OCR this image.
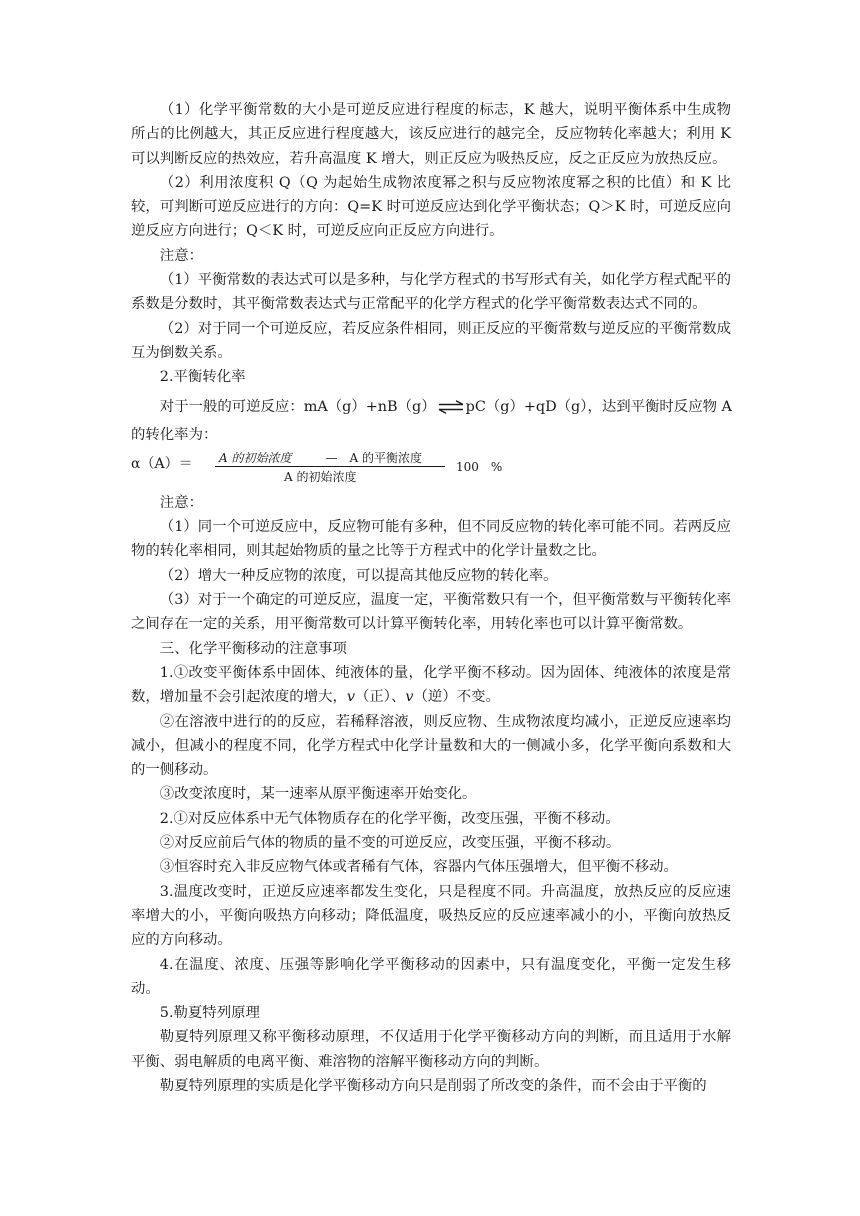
（1）化学平衡常数的大小是可逆反应进行程度的标志，K 越大，说明平衡体系中生成物所占的比例越大，其正反应进行程度越大，该反应进行的越完全，反应物转化率越大；利用 K 可以判断反应的热效应，若升高温度 K 增大，则正反应为吸热反应，反之正反应为放热反应。

（2）利用浓度积 Q（Q 为起始生成物浓度幂之积与反应物浓度幂之积的比值）和 K 比较，可判断可逆反应进行的方向：Q=K 时可逆反应达到化学平衡状态；Q＞K 时，可逆反应向逆反应方向进行；Q＜K 时，可逆反应向正反应方向进行。

注意：

（1）平衡常数的表达式可以是多种，与化学方程式的书写形式有关，如化学方程式配平的系数是分数时，其平衡常数表达式与正常配平的化学方程式的化学平衡常数表达式不同的。

（2）对于同一个可逆反应，若反应条件相同，则正反应的平衡常数与逆反应的平衡常数成互为倒数关系。

2.平衡转化率

对于一般的可逆反应：mA（g）+nB（g） ⇌ pC（g）+qD（g），达到平衡时反应物 A

的转化率为：

α（A）＝ A 的初始浓度	—　 A 的平衡浓度
A 的初始浓度
100　%

注意：

（1）同一个可逆反应中，反应物可能有多种，但不同反应物的转化率可能不同。若两反应物的转化率相同，则其起始物质的量之比等于方程式中的化学计量数之比。

（2）增大一种反应物的浓度，可以提高其他反应物的转化率。

（3）对于一个确定的可逆反应，温度一定，平衡常数只有一个，但平衡常数与平衡转化率之间存在一定的关系，用平衡常数可以计算平衡转化率，用转化率也可以计算平衡常数。

三、化学平衡移动的注意事项

1.①改变平衡体系中固体、纯液体的量，化学平衡不移动。因为固体、纯液体的浓度是常数，增加量不会引起浓度的增大，v（正）、v（逆）不变。

②在溶液中进行的的反应，若稀释溶液，则反应物、生成物浓度均减小，正逆反应速率均减小，但减小的程度不同，化学方程式中化学计量数和大的一侧减小多，化学平衡向系数和大的一侧移动。

③改变浓度时，某一速率从原平衡速率开始变化。

2.①对反应体系中无气体物质存在的化学平衡，改变压强，平衡不移动。

②对反应前后气体的物质的量不变的可逆反应，改变压强，平衡不移动。

③恒容时充入非反应物气体或者稀有气体，容器内气体压强增大，但平衡不移动。

3.温度改变时，正逆反应速率都发生变化，只是程度不同。升高温度，放热反应的反应速率增大的小，平衡向吸热方向移动；降低温度，吸热反应的反应速率减小的小，平衡向放热反应的方向移动。

4.在温度、浓度、压强等影响化学平衡移动的因素中，只有温度变化，平衡一定发生移动。

5.勒夏特列原理

勒夏特列原理又称平衡移动原理，不仅适用于化学平衡移动方向的判断，而且适用于水解平衡、弱电解质的电离平衡、难溶物的溶解平衡移动方向的判断。

勒夏特列原理的实质是化学平衡移动方向只是削弱了所改变的条件，而不会由于平衡的
